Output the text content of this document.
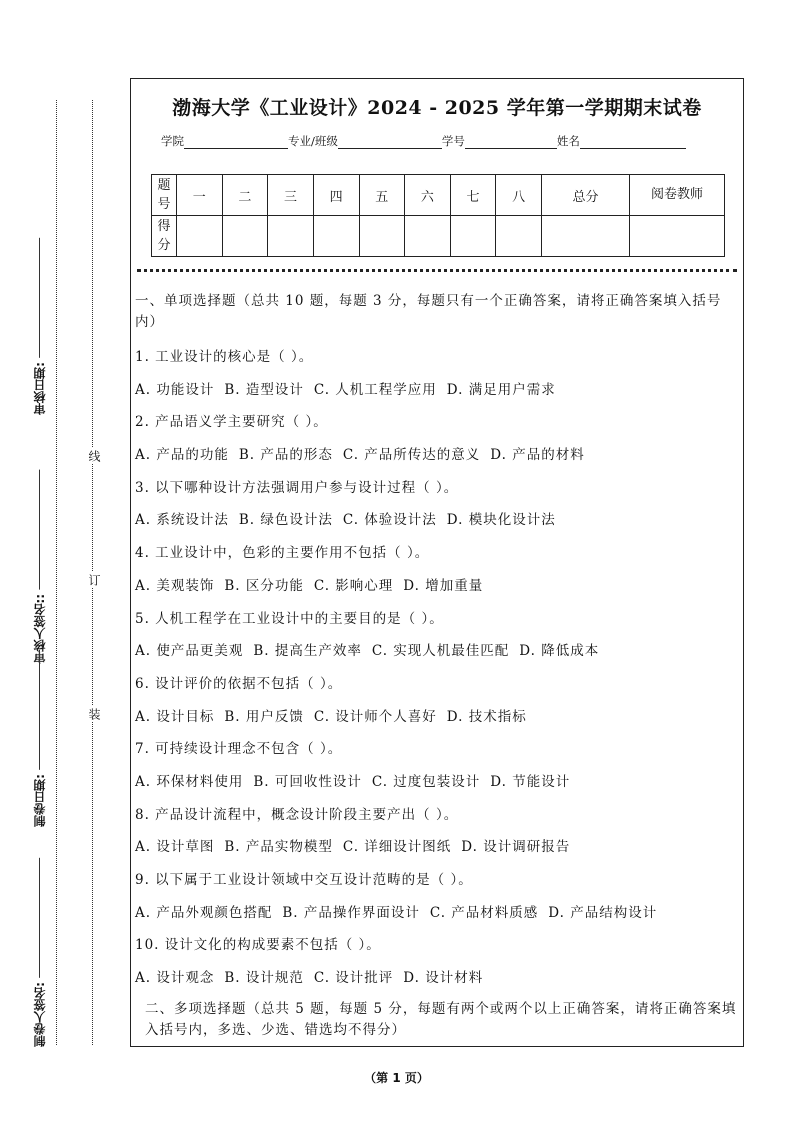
审核日期:
审核人签名::
制卷日期:
制卷人签名:
线
订
装
渤海大学《工业设计》2024 - 2025 学年第一学期期末试卷
学院	专业/班级	学号	姓名
题号	一	二	三	四	五	六	七	八	总分	阅卷教师
得分										
一、单项选择题（总共 10 题，每题 3 分，每题只有一个正确答案，请将正确答案填入括号内）
1. 工业设计的核心是（ ）。
A. 功能设计 B. 造型设计 C. 人机工程学应用 D. 满足用户需求
2. 产品语义学主要研究（ ）。
A. 产品的功能 B. 产品的形态 C. 产品所传达的意义 D. 产品的材料
3. 以下哪种设计方法强调用户参与设计过程（ ）。
A. 系统设计法 B. 绿色设计法 C. 体验设计法 D. 模块化设计法
4. 工业设计中，色彩的主要作用不包括（ ）。
A. 美观装饰 B. 区分功能 C. 影响心理 D. 增加重量
5. 人机工程学在工业设计中的主要目的是（ ）。
A. 使产品更美观 B. 提高生产效率 C. 实现人机最佳匹配 D. 降低成本
6. 设计评价的依据不包括（ ）。
A. 设计目标 B. 用户反馈 C. 设计师个人喜好 D. 技术指标
7. 可持续设计理念不包含（ ）。
A. 环保材料使用 B. 可回收性设计 C. 过度包装设计 D. 节能设计
8. 产品设计流程中，概念设计阶段主要产出（ ）。
A. 设计草图 B. 产品实物模型 C. 详细设计图纸 D. 设计调研报告
9. 以下属于工业设计领域中交互设计范畴的是（ ）。
A. 产品外观颜色搭配 B. 产品操作界面设计 C. 产品材料质感 D. 产品结构设计
10. 设计文化的构成要素不包括（ ）。
A. 设计观念 B. 设计规范 C. 设计批评 D. 设计材料
二、多项选择题（总共 5 题，每题 5 分，每题有两个或两个以上正确答案，请将正确答案填入括号内，多选、少选、错选均不得分）
（第 1 页）
